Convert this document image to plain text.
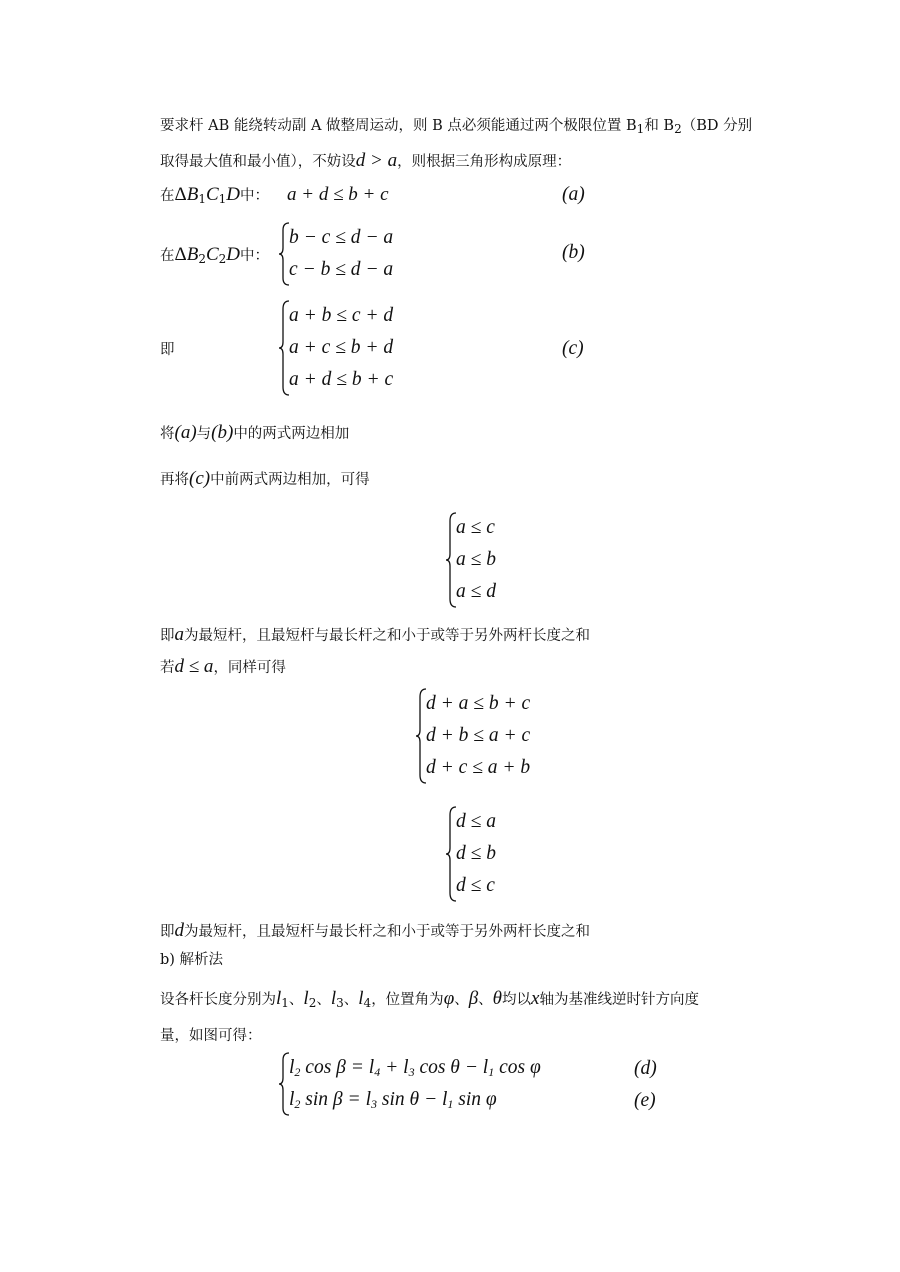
要求杆 AB 能绕转动副 A 做整周运动，则 B 点必须能通过两个极限位置 $B_1$和 $B_2(BD$ 分别
取得最大值和最小值），不妨设d > a，则根据三角形构成原理：
在$\Delta B_1C_1D$中： a + d ≤ b + c	(a)
在$\Delta B_2C_2D$中：
b − c ≤ d − a
c − b ≤ d − a
(b)
即
a + b ≤ c + d
a + c ≤ b + d
a + d ≤ b + c
(c)
将(a)与(b)中的两式两边相加
再将(c)中前两式两边相加，可得
a ≤ c
a ≤ b
a ≤ d
即a为最短杆，且最短杆与最长杆之和小于或等于另外两杆长度之和
若d ≤ a，同样可得
d + a ≤ b + c
d + b ≤ a + c
d + c ≤ a + b
d ≤ a
d ≤ b
d ≤ c
即d为最短杆，且最短杆与最长杆之和小于或等于另外两杆长度之和
b) 解析法
设各杆长度分别为$l_1$、$l_2$、$l_3$、$l_4$，位置角为φ、β、θ均以x轴为基准线逆时针方向度
量，如图可得：
$l_2$ $\cos \beta = l_4 + l_3$ $\cos \theta - l_1$ cos φ
$l_2$ $\sin \beta = l_3$ $\sin \theta - l_1$ sin φ
(d)
(e)
